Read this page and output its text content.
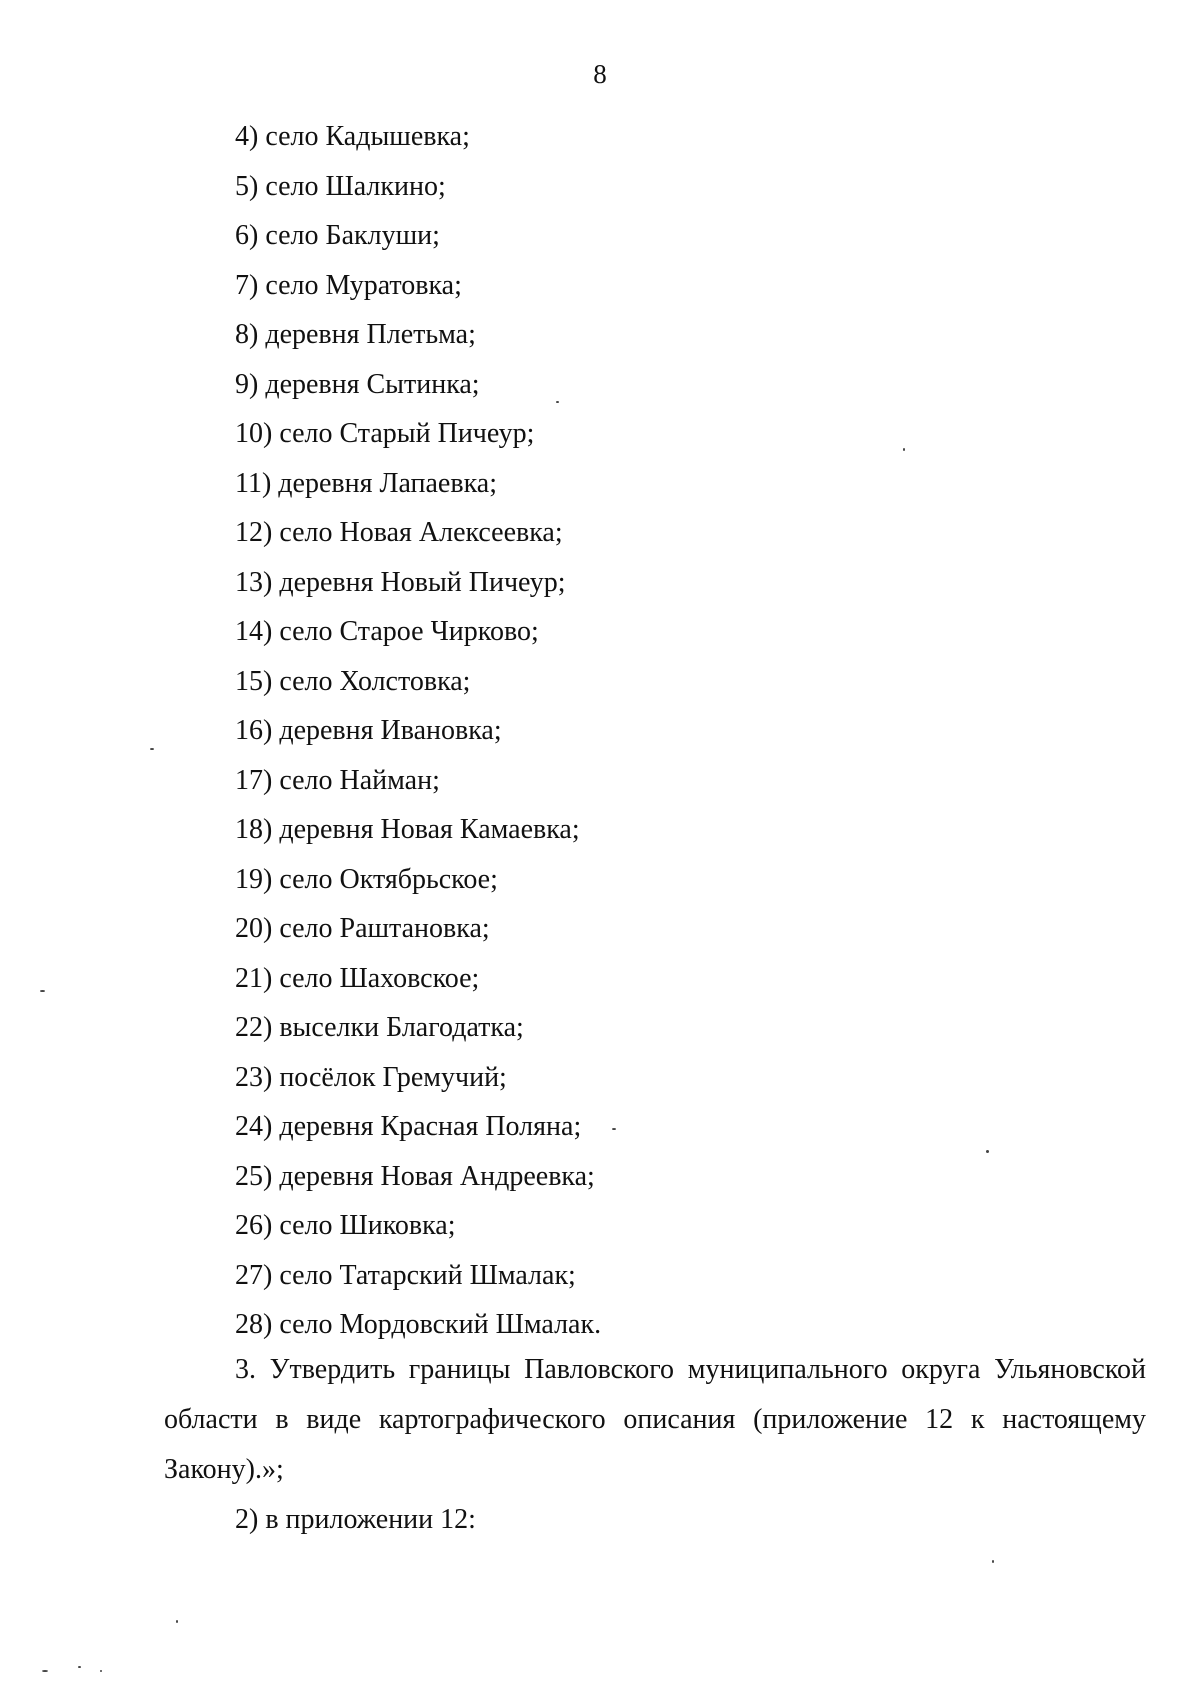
8
4) село Кадышевка;
5) село Шалкино;
6) село Баклуши;
7) село Муратовка;
8) деревня Плетьма;
9) деревня Сытинка;
10) село Старый Пичеур;
11) деревня Лапаевка;
12) село Новая Алексеевка;
13) деревня Новый Пичеур;
14) село Старое Чирково;
15) село Холстовка;
16) деревня Ивановка;
17) село Найман;
18) деревня Новая Камаевка;
19) село Октябрьское;
20) село Раштановка;
21) село Шаховское;
22) выселки Благодатка;
23) посёлок Гремучий;
24) деревня Красная Поляна;
25) деревня Новая Андреевка;
26) село Шиковка;
27) село Татарский Шмалак;
28) село Мордовский Шмалак.

3. Утвердить границы Павловского муниципального округа Ульяновской области в виде картографического описания (приложение 12 к настоящему Закону).»;

2) в приложении 12:
